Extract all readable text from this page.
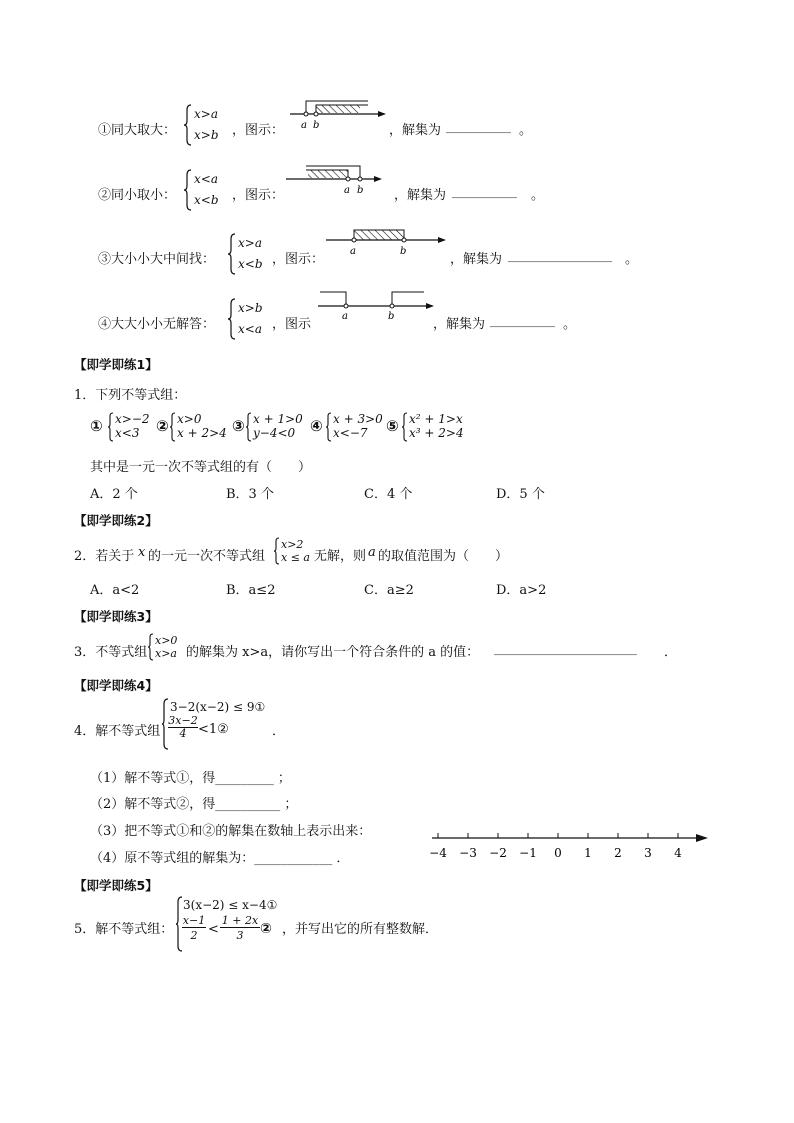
①同大取大：
x>a
x>b ，图示： a b	，解集为 __________ 。
②同小取小：
x<a
x<b ，图示：	a b ，解集为 __________ 。
③大小小大中间找：
x>a
x<b ，图示：
a	b
，解集为 ________________ 。
④大大小小无解答：
x>b
x<a ，图示
a	b
，解集为 __________ 。
【即学即练1】
1．下列不等式组：
① x>−2
x<3 ② x>0
x + 2>4 ③ x + 1>0
y−4<0 ④ x + 3>0
x<−7 ⑤ x² + 1>x
x³ + 2>4
其中是一元一次不等式组的有（　　）
A．2 个	B．3 个	C．4 个	D．5 个
【即学即练2】
2．若关于 x 的一元一次不等式组
x>2
x ≤ a 无解，则 a 的取值范围为（　　）
A．a<2	B．a≤2	C．a≥2	D．a>2
【即学即练3】
3．不等式组
x>0
x>a 的解集为 x>a，请你写出一个符合条件的 a 的值： ______________________ ．
【即学即练4】
4．解不等式组
3−2(x−2) ≤ 9①
$\frac{3x-2}{4}$ <1②	．
（1）解不等式①，得_________ ；
（2）解不等式②，得__________ ；
（3）把不等式①和②的解集在数轴上表示出来：
（4）原不等式组的解集为：____________ ．	−4 −3 −2 −1 0 1 2 3 4
【即学即练5】
5．解不等式组：
3(x−2) ≤ x−4①
$\frac{x-1}{2} < \frac{1 + 2x}{3}$ ② ，并写出它的所有整数解．
